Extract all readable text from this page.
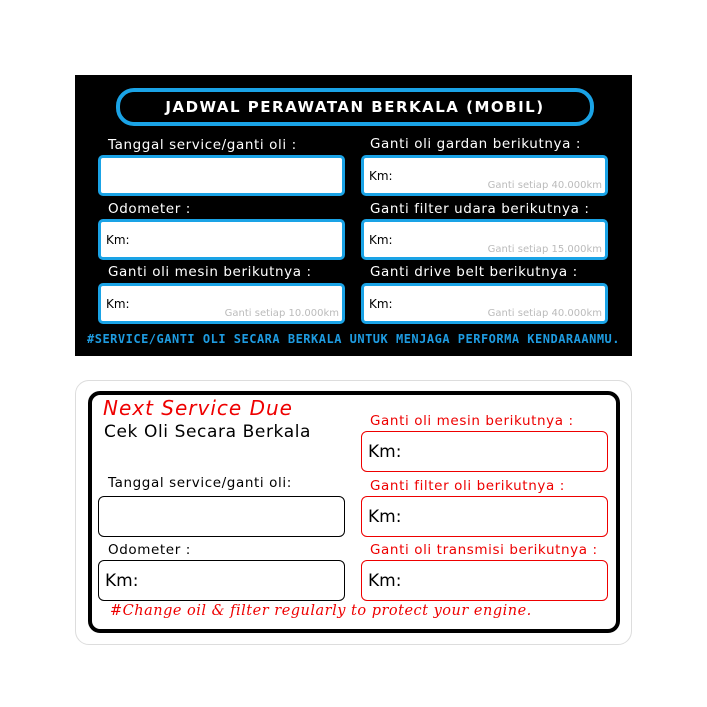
JADWAL PERAWATAN BERKALA (MOBIL)
Tanggal service/ganti oli :
Odometer :
Km:
Ganti oli mesin berikutnya :
Km:
Ganti setiap 10.000km
Ganti oli gardan berikutnya :
Km:
Ganti setiap 40.000km
Ganti filter udara berikutnya :
Km:
Ganti setiap 15.000km
Ganti drive belt berikutnya :
Km:
Ganti setiap 40.000km
#SERVICE/GANTI OLI SECARA BERKALA UNTUK MENJAGA PERFORMA KENDARAANMU.
Next Service Due
Cek Oli Secara Berkala
Tanggal service/ganti oli:
Odometer :
Km:
Ganti oli mesin berikutnya :
Km:
Ganti filter oli berikutnya :
Km:
Ganti oli transmisi berikutnya :
Km:
#Change oil & filter regularly to protect your engine.
